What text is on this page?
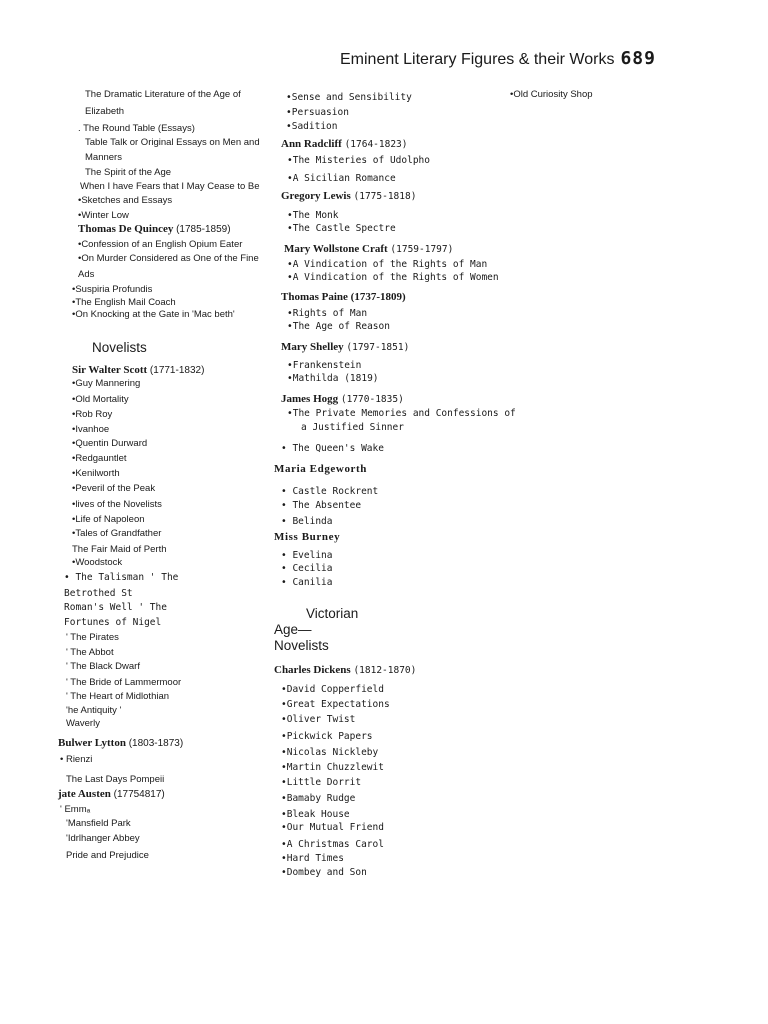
Eminent Literary Figures & their Works 689
The Dramatic Literature of the Age of
Elizabeth
. The Round Table (Essays)
Table Talk or Original Essays on Men and
Manners
The Spirit of the Age
When I have Fears that I May Cease to Be
•Sketches and Essays
•Winter Low
Thomas De Quincey (1785-1859)
•Confession of an English Opium Eater
•On Murder Considered as One of the Fine
Ads
•Suspiria Profundis
•The English Mail Coach
•On Knocking at the Gate in 'Mac beth'
Novelists
Sir Walter Scott (1771-1832)
•Guy Mannering
•Old Mortality
•Rob Roy
•Ivanhoe
•Quentin Durward
•Redgauntlet
•Kenilworth
•Peveril of the Peak
•lives of the Novelists
•Life of Napoleon
•Tales of Grandfather
The Fair Maid of Perth
•Woodstock
• The Talisman ' The
Betrothed St
Roman's Well ' The
Fortunes of Nigel
' The Pirates
' The Abbot
' The Black Dwarf
' The Bride of Lammermoor
' The Heart of Midlothian
'he Antiquity '
Waverly
Bulwer Lytton (1803-1873)
• Rienzi
The Last Days Pompeii
jate Austen (17754817)
' Emmₐ
'Mansfield Park
'Idrlhanger Abbey
Pride and Prejudice
•Sense and Sensibility
•Persuasion
•Sadition
Ann Radcliff (1764-1823)
•The Misteries of Udolpho
•A Sicilian Romance
Gregory Lewis (1775-1818)
•The Monk
•The Castle Spectre
Mary Wollstone Craft (1759-1797)
•A Vindication of the Rights of Man
•A Vindication of the Rights of Women
Thomas Paine (1737-1809)
•Rights of Man
•The Age of Reason
Mary Shelley (1797-1851)
•Frankenstein
•Mathilda (1819)
James Hogg (1770-1835)
•The Private Memories and Confessions of
a Justified Sinner
• The Queen's Wake
Maria Edgeworth
• Castle Rockrent
• The Absentee
• Belinda
Miss Burney
• Evelina
• Cecilia
• Canilia
Victorian
Age—
Novelists
Charles Dickens (1812-1870)
•David Copperfield
•Great Expectations
•Oliver Twist
•Pickwick Papers
•Nicolas Nickleby
•Martin Chuzzlewit
•Little Dorrit
•Bamaby Rudge
•Bleak House
•Our Mutual Friend
•A Christmas Carol
•Hard Times
•Dombey and Son
•Old Curiosity Shop
